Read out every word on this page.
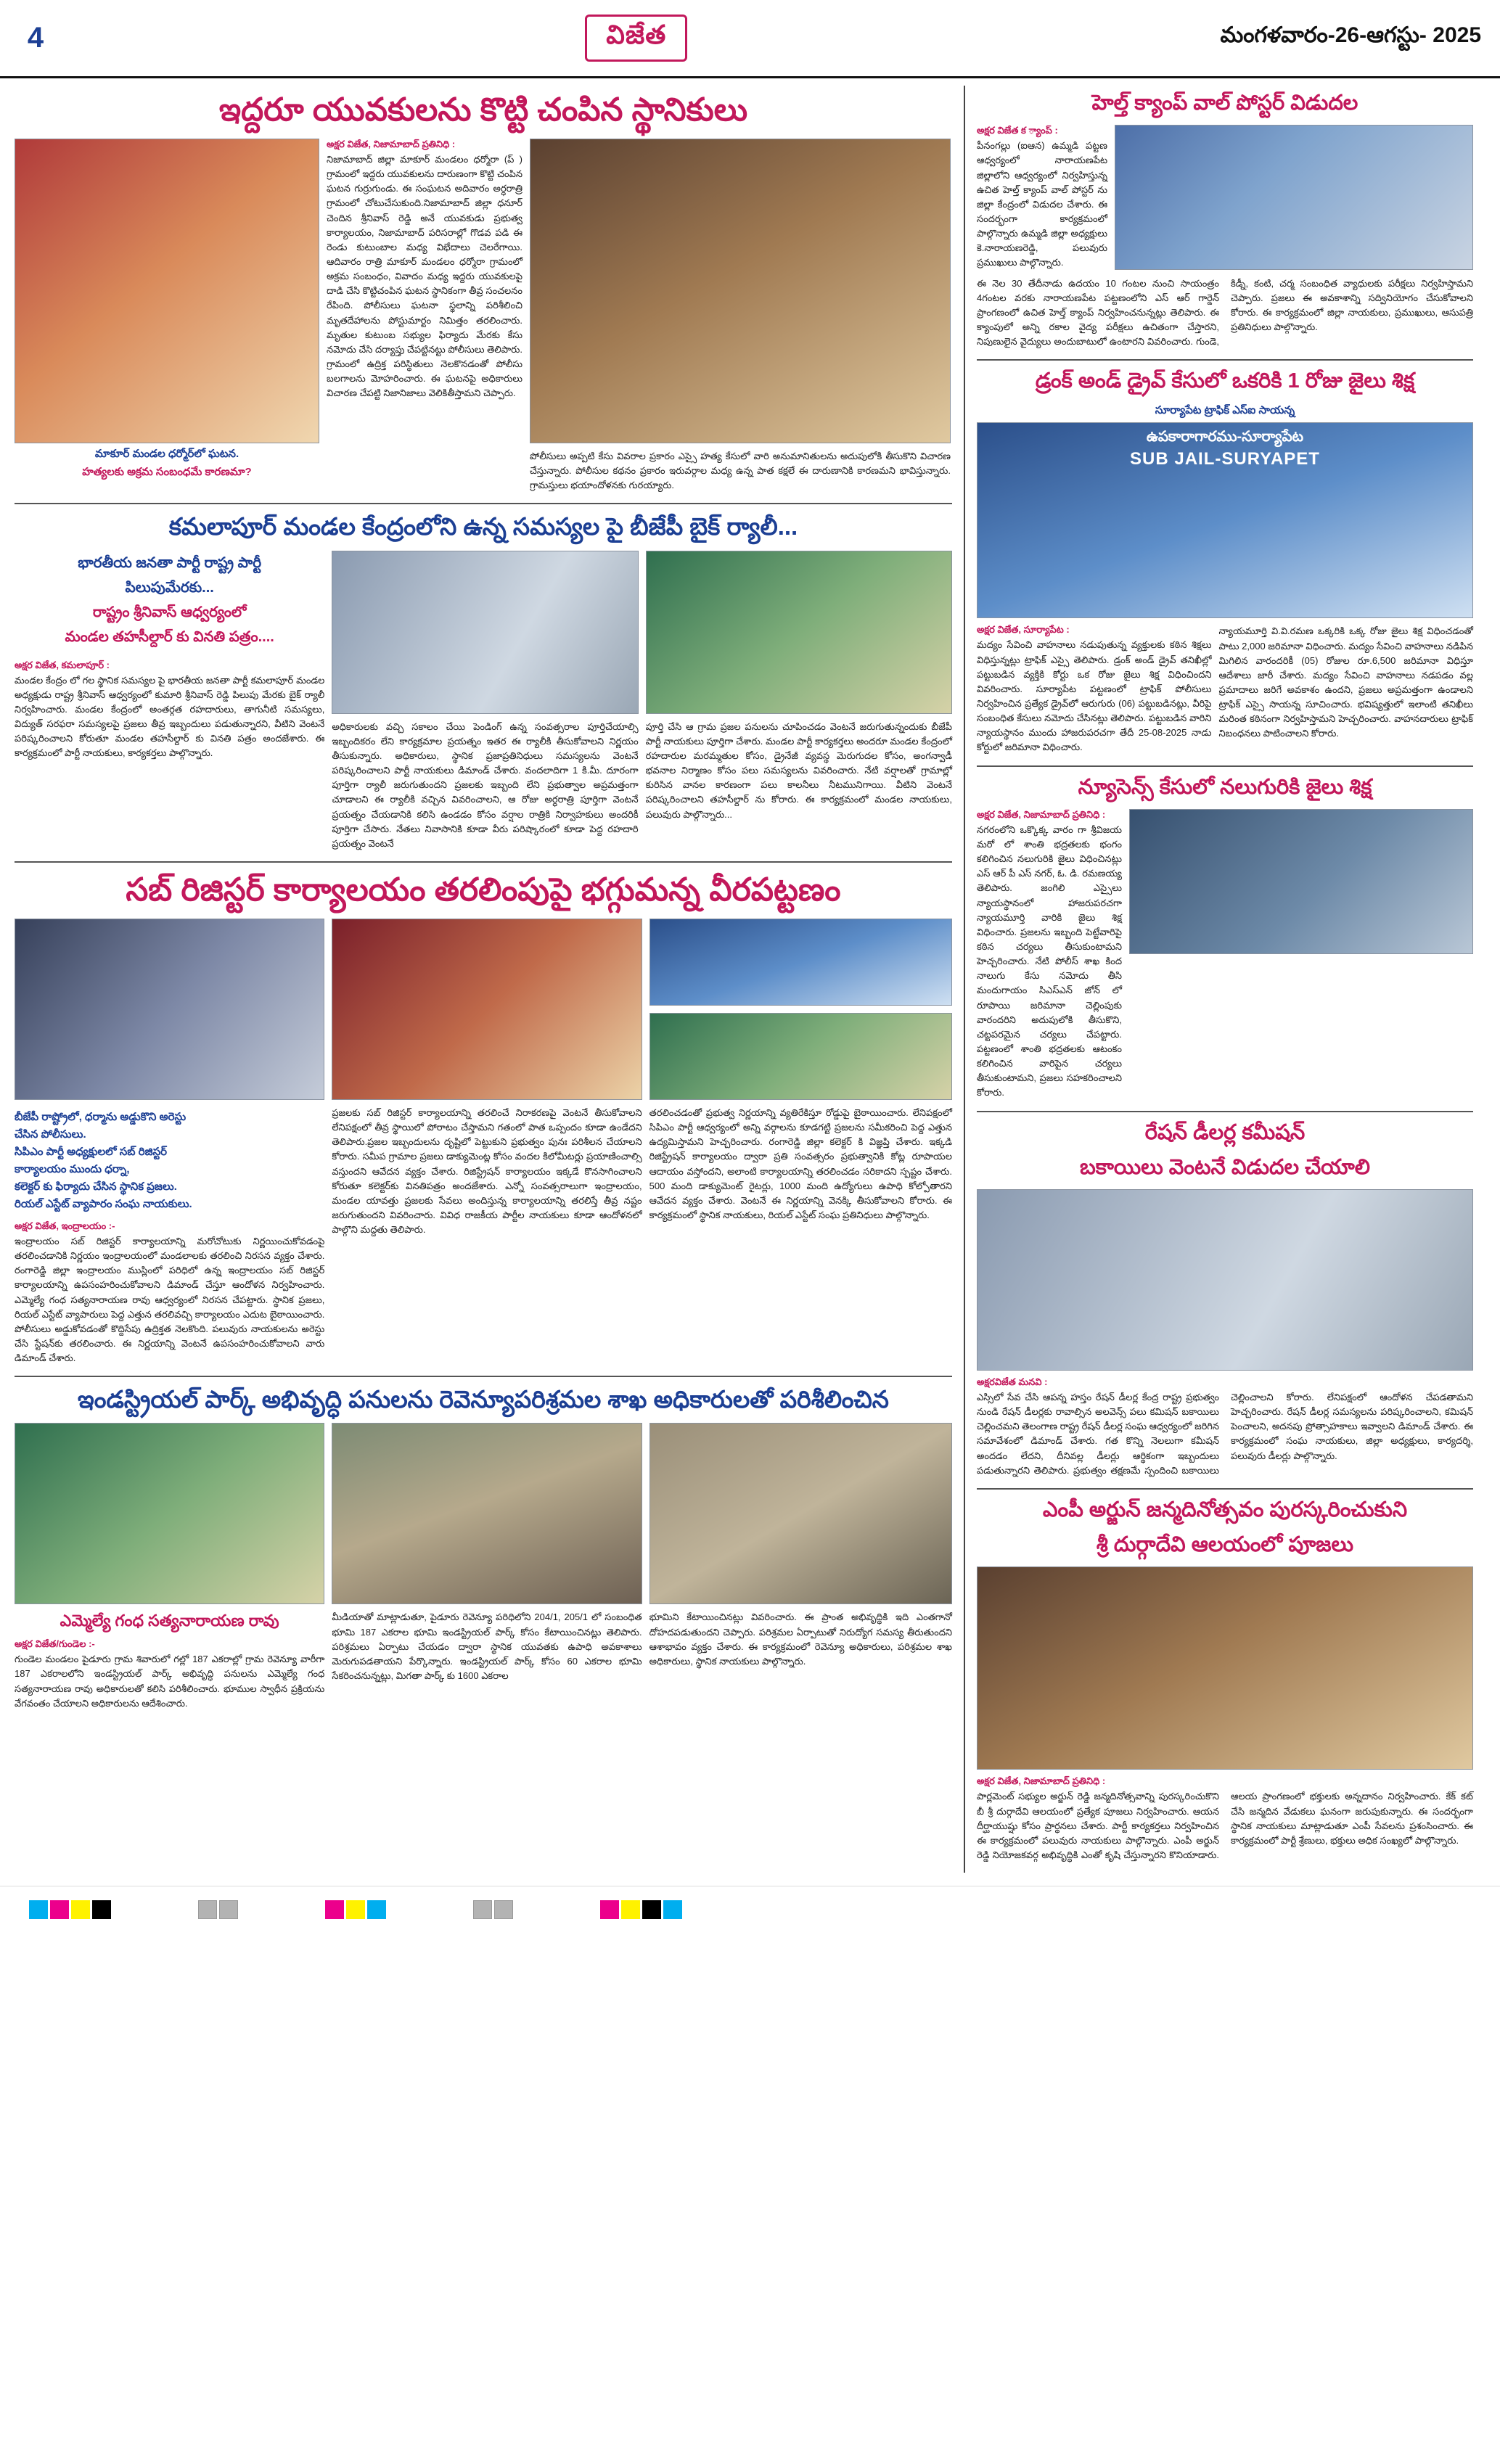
4	విజేత	మంగళవారం-26-ఆగస్టు- 2025
ఇద్దరూ యువకులను కొట్టి చంపిన స్థానికులు
మాకూర్ మండల ధర్మోర్‌లో ఘటన.
హత్యలకు అక్రమ సంబంధమే కారణమా?
అక్షర విజేత, నిజామాబాద్ ప్రతినిధి :
నిజామాబాద్ జిల్లా మాకూర్ మండలం ధర్మోరా (ప్ ) గ్రామంలో ఇద్దరు యువకులను దారుణంగా కొట్టి చంపిన ఘటన గుర్రుగుండు. ఈ సంఘటన అదివారం అర్ధరాత్రి గ్రామంలో చోటుచేసుకుంది.నిజామాబాద్ జిల్లా ధనూర్ చెందిన శ్రీనివాస్ రెడ్డి అనే యువకుడు ప్రభుత్వ కార్యాలయం, నిజామాబాద్ పరిసరాల్లో గొడవ పడి ఈ రెండు కుటుంబాల మధ్య విభేదాలు చెలరేగాయి. ఆదివారం రాత్రి మాకూర్ మండలం ధర్మోరా గ్రామంలో అక్రమ సంబంధం, వివాదం మధ్య ఇద్దరు యువకులపై దాడి చేసి కొట్టిచంపిన ఘటన స్థానికంగా తీవ్ర సంచలనం రేపింది. పోలీసులు ఘటనా స్థలాన్ని పరిశీలించి మృతదేహాలను పోస్టుమార్టం నిమిత్తం తరలించారు. మృతుల కుటుంబ సభ్యుల ఫిర్యాదు మేరకు కేసు నమోదు చేసి దర్యాప్తు చేపట్టినట్టు పోలీసులు తెలిపారు. గ్రామంలో ఉద్రిక్త పరిస్థితులు నెలకొనడంతో పోలీసు బలగాలను మోహరించారు. ఈ ఘటనపై అధికారులు విచారణ చేపట్టి నిజానిజాలు వెలికితీస్తామని చెప్పారు.
పోలీసులు అప్పటి కేసు వివరాల ప్రకారం ఎస్సై హత్య కేసులో వారి అనుమానితులను అదుపులోకి తీసుకొని విచారణ చేస్తున్నారు. పోలీసుల కథనం ప్రకారం ఇరువర్గాల మధ్య ఉన్న పాత కక్షలే ఈ దారుణానికి కారణమని భావిస్తున్నారు. గ్రామస్తులు భయాందోళనకు గురయ్యారు.
కమలాపూర్ మండల కేంద్రంలోని ఉన్న సమస్యల పై బీజేపీ బైక్ ర్యాలీ...
భారతీయ జనతా పార్టీ రాష్ట్ర పార్టీ
పిలుపుమేరకు...
రాష్ట్రం శ్రీనివాస్ ఆధ్వర్యంలో
మండల తహసీల్దార్ కు వినతి పత్రం....
అక్షర విజేత, కమలాపూర్ :
మండల కేంద్రం లో గల స్థానిక సమస్యల పై భారతీయ జనతా పార్టీ కమలాపూర్ మండల అధ్యక్షుడు రాష్ట్ర శ్రీనివాస్ ఆధ్వర్యంలో కుమారి శ్రీనివాస్ రెడ్డి పిలుపు మేరకు బైక్ ర్యాలీ నిర్వహించారు. మండల కేంద్రంలో అంతర్గత రహదారులు, తాగునీటి సమస్యలు, విద్యుత్ సరఫరా సమస్యలపై ప్రజలు తీవ్ర ఇబ్బందులు పడుతున్నారని, వీటిని వెంటనే పరిష్కరించాలని కోరుతూ మండల తహసీల్దార్ కు వినతి పత్రం అందజేశారు. ఈ కార్యక్రమంలో పార్టీ నాయకులు, కార్యకర్తలు పాల్గొన్నారు.
అధికారులకు వచ్చి సకాలం చేయి పెండింగ్ ఉన్న సంవత్సరాల పూర్తిచేయాల్సి ఇబ్బందికరం లేని కార్యక్రమాల ప్రయత్నం ఇతర ఈ ర్యాలీకి తీసుకోవాలని నిర్ణయం తీసుకున్నారు. అధికారులు, స్థానిక ప్రజాప్రతినిధులు సమస్యలను వెంటనే పరిష్కరించాలని పార్టీ నాయకులు డిమాండ్ చేశారు. వందలాదిగా 1 కి.మీ. దూరంగా పూర్తిగా ర్యాలీ జరుగుతుందని ప్రజలకు ఇబ్బంది లేని ప్రభుత్వాల అప్రమత్తంగా చూడాలని ఈ ర్యాలీకి వచ్చిన వివరించాలని, ఆ రోజు అర్ధరాత్రి పూర్తిగా వెంటనే ప్రయత్నం చేయడానికి కలిసి ఉండడం కోసం వర్షాల రాత్రికి నిర్వాహకులు అందరికీ పూర్తిగా చేసారు. నేతలు నివాసానికి కూడా వీరు పరిష్కారంలో కూడా పెద్ద రహదారి ప్రయత్నం వెంటనే
పూర్తి చేసి ఆ గ్రామ ప్రజల పనులను చూపించడం వెంటనే జరుగుతున్నందుకు బీజేపీ పార్టీ నాయకులు పూర్తిగా చేశారు. మండల పార్టీ కార్యకర్తలు అందరూ మండల కేంద్రంలో రహదారుల మరమ్మతుల కోసం, డ్రైనేజీ వ్యవస్థ మెరుగుదల కోసం, అంగన్వాడీ భవనాల నిర్మాణం కోసం పలు సమస్యలను వివరించారు. నేటి వర్షాలతో గ్రామాల్లో కురిసిన వానల కారణంగా పలు కాలనీలు నీటమునిగాయి. వీటిని వెంటనే పరిష్కరించాలని తహసీల్దార్ ను కోరారు. ఈ కార్యక్రమంలో మండల నాయకులు, పలువురు పాల్గొన్నారు...
సబ్ రిజిస్టర్ కార్యాలయం తరలింపుపై భగ్గుమన్న వీరపట్టణం
బీజేపీ రాష్ట్రోలో, ధర్మాను అడ్డుకొని అరెస్టు
చేసిన పోలీసులు.
సిపిఎం పార్టీ అధ్యక్షులలో సబ్ రిజిస్టర్
కార్యాలయం ముందు ధర్నా,
కలెక్టర్ కు ఫిర్యాదు చేసిన స్థానిక ప్రజలు.
రియల్ ఎస్టేట్ వ్యాపారం సంఘ నాయకులు.
అక్షర విజేత, ఇంద్రాలయం :-
ఇంద్రాలయం సబ్ రిజిస్టర్ కార్యాలయాన్ని మరోచోటుకు నిర్ణయించుకోవడంపై తరలించడానికి నిర్ణయం ఇంద్రాలయంలో మండలాలకు తరలించి నిరసన వ్యక్తం చేశారు. రంగారెడ్డి జిల్లా ఇంద్రాలయం ముస్లింలో పరిధిలో ఉన్న ఇంద్రాలయం సబ్ రిజిస్టర్ కార్యాలయాన్ని ఉపసంహరించుకోవాలని డిమాండ్ చేస్తూ ఆందోళన నిర్వహించారు. ఎమ్మెల్యే గంధ సత్యనారాయణ రావు ఆధ్వర్యంలో నిరసన చేపట్టారు. స్థానిక ప్రజలు, రియల్ ఎస్టేట్ వ్యాపారులు పెద్ద ఎత్తున తరలివచ్చి కార్యాలయం ఎదుట బైఠాయించారు. పోలీసులు అడ్డుకోవడంతో కొద్దిసేపు ఉద్రిక్తత నెలకొంది. పలువురు నాయకులను అరెస్టు చేసి స్టేషన్‌కు తరలించారు. ఈ నిర్ణయాన్ని వెంటనే ఉపసంహరించుకోవాలని వారు డిమాండ్ చేశారు.
ప్రజలకు సబ్ రిజిస్టర్ కార్యాలయాన్ని తరలించే నిరాకరణపై వెంటనే తీసుకోవాలని లేనిపక్షంలో తీవ్ర స్థాయిలో పోరాటం చేస్తామని గతంలో పాత ఒప్పందం కూడా ఉండేదని తెలిపారు.ప్రజల ఇబ్బందులను దృష్టిలో పెట్టుకుని ప్రభుత్వం పునః పరిశీలన చేయాలని కోరారు. సమీప గ్రామాల ప్రజలు డాక్యుమెంట్ల కోసం వందల కిలోమీటర్లు ప్రయాణించాల్సి వస్తుందని ఆవేదన వ్యక్తం చేశారు. రిజిస్ట్రేషన్ కార్యాలయం ఇక్కడే కొనసాగించాలని కోరుతూ కలెక్టర్‌కు వినతిపత్రం అందజేశారు. ఎన్నో సంవత్సరాలుగా ఇంద్రాలయం, మండల యావత్తు ప్రజలకు సేవలు అందిస్తున్న కార్యాలయాన్ని తరలిస్తే తీవ్ర నష్టం జరుగుతుందని వివరించారు. వివిధ రాజకీయ పార్టీల నాయకులు కూడా ఆందోళనలో పాల్గొని మద్దతు తెలిపారు.
తరలించడంతో ప్రభుత్వ నిర్ణయాన్ని వ్యతిరేకిస్తూ రోడ్డుపై బైఠాయించారు. లేనిపక్షంలో సిపిఎం పార్టీ ఆధ్వర్యంలో అన్ని వర్గాలను కూడగట్టి ప్రజలను సమీకరించి పెద్ద ఎత్తున ఉద్యమిస్తామని హెచ్చరించారు. రంగారెడ్డి జిల్లా కలెక్టర్ కి విజ్ఞప్తి చేశారు. ఇక్కడి రిజిస్ట్రేషన్ కార్యాలయం ద్వారా ప్రతి సంవత్సరం ప్రభుత్వానికి కోట్ల రూపాయల ఆదాయం వస్తోందని, అలాంటి కార్యాలయాన్ని తరలించడం సరికాదని స్పష్టం చేశారు. 500 మంది డాక్యుమెంట్ రైటర్లు, 1000 మంది ఉద్యోగులు ఉపాధి కోల్పోతారని ఆవేదన వ్యక్తం చేశారు. వెంటనే ఈ నిర్ణయాన్ని వెనక్కి తీసుకోవాలని కోరారు. ఈ కార్యక్రమంలో స్థానిక నాయకులు, రియల్ ఎస్టేట్ సంఘ ప్రతినిధులు పాల్గొన్నారు.
ఇండస్ట్రియల్ పార్క్ అభివృద్ధి పనులను రెవెన్యూపరిశ్రమల శాఖ అధికారులతో పరిశీలించిన
ఎమ్మెల్యే గంధ సత్యనారాయణ రావు
అక్షర విజేత/గుండెల :-
గుండెల మండలం పైడూరు గ్రామ శివారులో గల్లో 187 ఎకరాల్లో గ్రామ రెవెన్యూ వారీగా 187 ఎకరాలలోని ఇండస్ట్రియల్ పార్క్ అభివృద్ధి పనులను ఎమ్మెల్యే గంధ సత్యనారాయణ రావు అధికారులతో కలిసి పరిశీలించారు. భూముల స్వాధీన ప్రక్రియను వేగవంతం చేయాలని అధికారులను ఆదేశించారు.
మీడియాతో మాట్లాడుతూ, పైడూరు రెవెన్యూ పరిధిలోని 204/1, 205/1 లో సంబంధిత భూమి 187 ఎకరాల భూమి ఇండస్ట్రియల్ పార్క్ కోసం కేటాయించినట్లు తెలిపారు. పరిశ్రమలు ఏర్పాటు చేయడం ద్వారా స్థానిక యువతకు ఉపాధి అవకాశాలు మెరుగుపడతాయని పేర్కొన్నారు. ఇండస్ట్రియల్ పార్క్ కోసం 60 ఎకరాల భూమి సేకరించనున్నట్లు, మిగతా పార్క్ కు 1600 ఎకరాల
భూమిని కేటాయించినట్లు వివరించారు. ఈ ప్రాంత అభివృద్ధికి ఇది ఎంతగానో దోహదపడుతుందని చెప్పారు. పరిశ్రమల ఏర్పాటుతో నిరుద్యోగ సమస్య తీరుతుందని ఆశాభావం వ్యక్తం చేశారు. ఈ కార్యక్రమంలో రెవెన్యూ అధికారులు, పరిశ్రమల శాఖ అధికారులు, స్థానిక నాయకులు పాల్గొన్నారు.
హెల్త్ క్యాంప్ వాల్ పోస్టర్ విడుదల
అక్షర విజేత క ్యాంప్ :
పీనంగల్లు (ఐఆన) ఉమ్మడి పట్టణ ఆధ్వర్యంలో నారాయణపేట జిల్లాలోని ఆధ్వర్యంలో నిర్వహిస్తున్న ఉచిత హెల్త్ క్యాంప్ వాల్ పోస్టర్ ను జిల్లా కేంద్రంలో విడుదల చేశారు. ఈ సందర్భంగా కార్యక్రమంలో పాల్గొన్నారు ఉమ్మడి జిల్లా అధ్యక్షులు కె.నారాయణరెడ్డి, పలువురు ప్రముఖులు పాల్గొన్నారు.
ఈ నెల 30 తేదీనాడు ఉదయం 10 గంటల నుంచి సాయంత్రం 4గంటల వరకు నారాయణపేట పట్టణంలోని ఎస్ ఆర్ గార్డెన్ ప్రాంగణంలో ఉచిత హెల్త్ క్యాంప్ నిర్వహించనున్నట్లు తెలిపారు. ఈ క్యాంపులో అన్ని రకాల వైద్య పరీక్షలు ఉచితంగా చేస్తారని, నిపుణులైన వైద్యులు అందుబాటులో ఉంటారని వివరించారు. గుండె, కిడ్నీ, కంటి, చర్మ సంబంధిత వ్యాధులకు పరీక్షలు నిర్వహిస్తామని చెప్పారు. ప్రజలు ఈ అవకాశాన్ని సద్వినియోగం చేసుకోవాలని కోరారు. ఈ కార్యక్రమంలో జిల్లా నాయకులు, ప్రముఖులు, ఆసుపత్రి ప్రతినిధులు పాల్గొన్నారు.
డ్రంక్ అండ్ డ్రైవ్ కేసులో ఒకరికి 1 రోజు జైలు శిక్ష
సూర్యాపేట ట్రాఫిక్ ఎస్ఐ సాయన్న
ఉపకారాగారము-సూర్యాపేట
SUB JAIL-SURYAPET
అక్షర విజేత, సూర్యాపేట :
మద్యం సేవించి వాహనాలు నడుపుతున్న వ్యక్తులకు కఠిన శిక్షలు విధిస్తున్నట్లు ట్రాఫిక్ ఎస్సై తెలిపారు. డ్రంక్ అండ్ డ్రైవ్ తనిఖీల్లో పట్టుబడిన వ్యక్తికి కోర్టు ఒక రోజు జైలు శిక్ష విధించిందని వివరించారు. సూర్యాపేట పట్టణంలో ట్రాఫిక్ పోలీసులు నిర్వహించిన ప్రత్యేక డ్రైవ్‌లో ఆరుగురు (06) పట్టుబడినట్లు, వీరిపై సంబంధిత కేసులు నమోదు చేసినట్లు తెలిపారు. పట్టుబడిన వారిని న్యాయస్థానం ముందు హాజరుపరచగా తేదీ 25-08-2025 నాడు కోర్టులో జరిమానా విధించారు.
న్యాయమూర్తి వి.వి.రమణ ఒక్కరికి ఒక్క రోజు జైలు శిక్ష విధించడంతో పాటు 2,000 జరిమానా విధించారు. మద్యం సేవించి వాహనాలు నడిపిన మిగిలిన వారందరికీ (05) రోజుల రూ.6,500 జరిమానా విధిస్తూ ఆదేశాలు జారీ చేశారు. మద్యం సేవించి వాహనాలు నడపడం వల్ల ప్రమాదాలు జరిగే అవకాశం ఉందని, ప్రజలు అప్రమత్తంగా ఉండాలని ట్రాఫిక్ ఎస్సై సాయన్న సూచించారు. భవిష్యత్తులో ఇలాంటి తనిఖీలు మరింత కఠినంగా నిర్వహిస్తామని హెచ్చరించారు. వాహనదారులు ట్రాఫిక్ నిబంధనలు పాటించాలని కోరారు.
న్యూసెన్స్ కేసులో నలుగురికి జైలు శిక్ష
అక్షర విజేత, నిజామాబాద్ ప్రతినిధి :
నగరంలోని ఒక్కొక్క వారం గా శ్రీవిజయ మరో లో శాంతి భద్రతలకు భంగం కలిగించిన నలుగురికి జైలు విధించినట్లు ఎస్ ఆర్ పీ ఎస్ నగర్, ఓ. డి. రమణయ్య తెలిపారు. జంగిలి ఎస్సైలు న్యాయస్థానంలో హాజరుపరచగా న్యాయమూర్తి వారికి జైలు శిక్ష విధించారు. ప్రజలను ఇబ్బంది పెట్టేవారిపై కఠిన చర్యలు తీసుకుంటామని హెచ్చరించారు. నేటి పోలీస్ శాఖ కింద నాలుగు కేసు నమోదు తీసి మందుగాయం సిఎస్ఎన్ జోన్ లో రూపాయి జరిమానా చెల్లింపుకు వారందరిని అదుపులోకి తీసుకొని, చట్టపరమైన చర్యలు చేపట్టారు. పట్టణంలో శాంతి భద్రతలకు ఆటంకం కలిగించిన వారిపైన చర్యలు తీసుకుంటామని, ప్రజలు సహకరించాలని కోరారు.
రేషన్ డీలర్ల కమీషన్
బకాయిలు వెంటనే విడుదల చేయాలి
అక్షరవిజేత మనవి :
ఎస్సిలో సేవ చేసి ఆపన్న హస్తం రేషన్ డీలర్ల కేంద్ర రాష్ట్ర ప్రభుత్వం నుండి రేషన్ డీలర్లకు రావాల్సిన అలవెన్స్ పలు కమిషన్ బకాయిలు చెల్లించమని తెలంగాణ రాష్ట్ర రేషన్ డీలర్ల సంఘ ఆధ్వర్యంలో జరిగిన సమావేశంలో డిమాండ్ చేశారు. గత కొన్ని నెలలుగా కమీషన్ అందడం లేదని, దీనివల్ల డీలర్లు ఆర్థికంగా ఇబ్బందులు పడుతున్నారని తెలిపారు. ప్రభుత్వం తక్షణమే స్పందించి బకాయిలు చెల్లించాలని కోరారు. లేనిపక్షంలో ఆందోళన చేపడతామని హెచ్చరించారు. రేషన్ డీలర్ల సమస్యలను పరిష్కరించాలని, కమిషన్ పెంచాలని, అదనపు ప్రోత్సాహకాలు ఇవ్వాలని డిమాండ్ చేశారు. ఈ కార్యక్రమంలో సంఘ నాయకులు, జిల్లా అధ్యక్షులు, కార్యదర్శి, పలువురు డీలర్లు పాల్గొన్నారు.
ఎంపీ అర్జున్ జన్మదినోత్సవం పురస్కరించుకుని
శ్రీ దుర్గాదేవి ఆలయంలో పూజలు
అక్షర విజేత, నిజామాబాద్ ప్రతినిధి :
పార్లమెంట్ సభ్యుల అర్జున్ రెడ్డి జన్మదినోత్సవాన్ని పురస్కరించుకొని బీ శ్రీ దుర్గాదేవి ఆలయంలో ప్రత్యేక పూజలు నిర్వహించారు. ఆయన దీర్ఘాయుష్షు కోసం ప్రార్థనలు చేశారు. పార్టీ కార్యకర్తలు నిర్వహించిన ఈ కార్యక్రమంలో పలువురు నాయకులు పాల్గొన్నారు. ఎంపీ అర్జున్ రెడ్డి నియోజకవర్గ అభివృద్ధికి ఎంతో కృషి చేస్తున్నారని కొనియాడారు. ఆలయ ప్రాంగణంలో భక్తులకు అన్నదానం నిర్వహించారు. కేక్ కట్ చేసి జన్మదిన వేడుకలు ఘనంగా జరుపుకున్నారు. ఈ సందర్భంగా స్థానిక నాయకులు మాట్లాడుతూ ఎంపీ సేవలను ప్రశంసించారు. ఈ కార్యక్రమంలో పార్టీ శ్రేణులు, భక్తులు అధిక సంఖ్యలో పాల్గొన్నారు.
